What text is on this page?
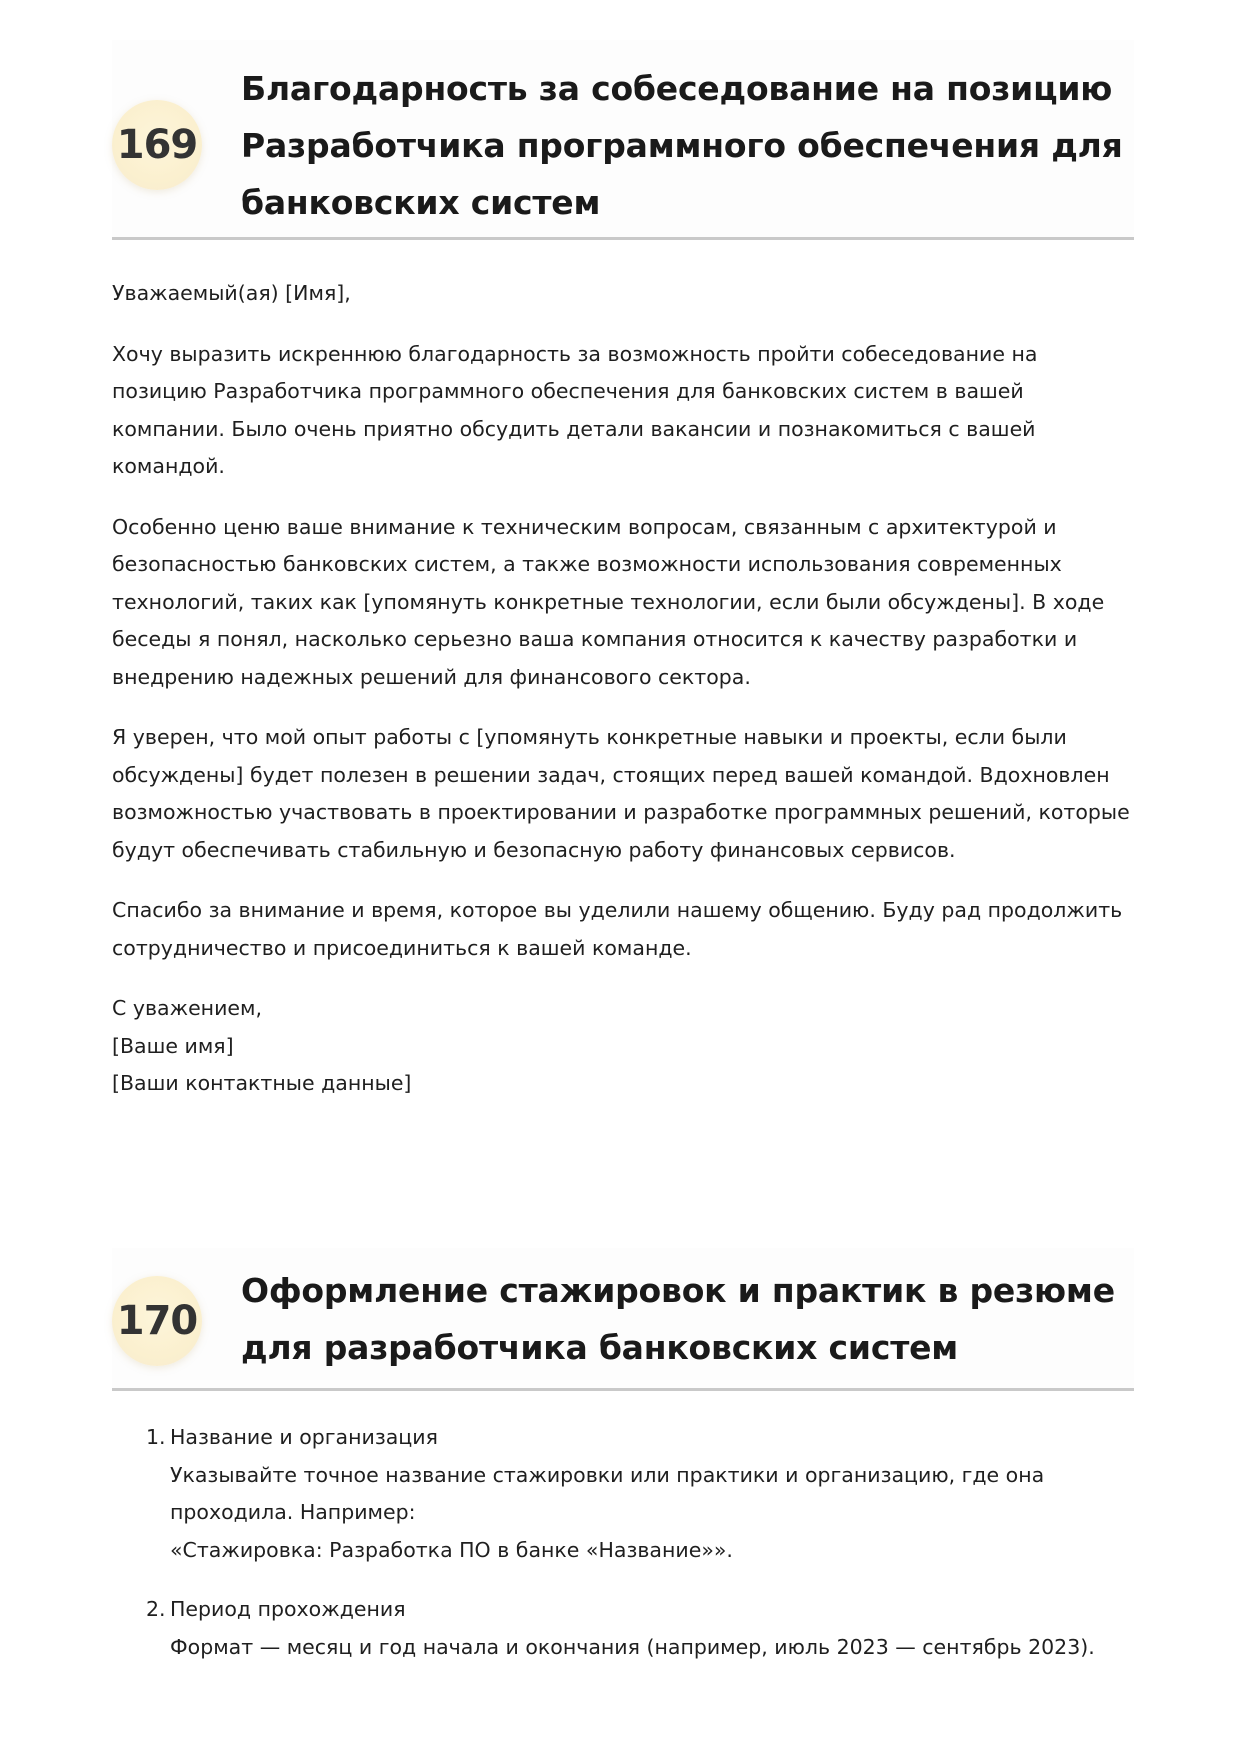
169
Благодарность за собеседование на позицию Разработчика программного обеспечения для банковских систем

Уважаемый(ая) [Имя],

Хочу выразить искреннюю благодарность за возможность пройти собеседование на позицию Разработчика программного обеспечения для банковских систем в вашей компании. Было очень приятно обсудить детали вакансии и познакомиться с вашей командой.

Особенно ценю ваше внимание к техническим вопросам, связанным с архитектурой и безопасностью банковских систем, а также возможности использования современных технологий, таких как [упомянуть конкретные технологии, если были обсуждены]. В ходе беседы я понял, насколько серьезно ваша компания относится к качеству разработки и внедрению надежных решений для финансового сектора.

Я уверен, что мой опыт работы с [упомянуть конкретные навыки и проекты, если были обсуждены] будет полезен в решении задач, стоящих перед вашей командой. Вдохновлен возможностью участвовать в проектировании и разработке программных решений, которые будут обеспечивать стабильную и безопасную работу финансовых сервисов.

Спасибо за внимание и время, которое вы уделили нашему общению. Буду рад продолжить сотрудничество и присоединиться к вашей команде.

С уважением,
[Ваше имя]
[Ваши контактные данные]

170
Оформление стажировок и практик в резюме для разработчика банковских систем
1. Название и организация
Указывайте точное название стажировки или практики и организацию, где она проходила. Например:
«Стажировка: Разработка ПО в банке «Название»».
2. Период прохождения
Формат — месяц и год начала и окончания (например, июль 2023 — сентябрь 2023).
